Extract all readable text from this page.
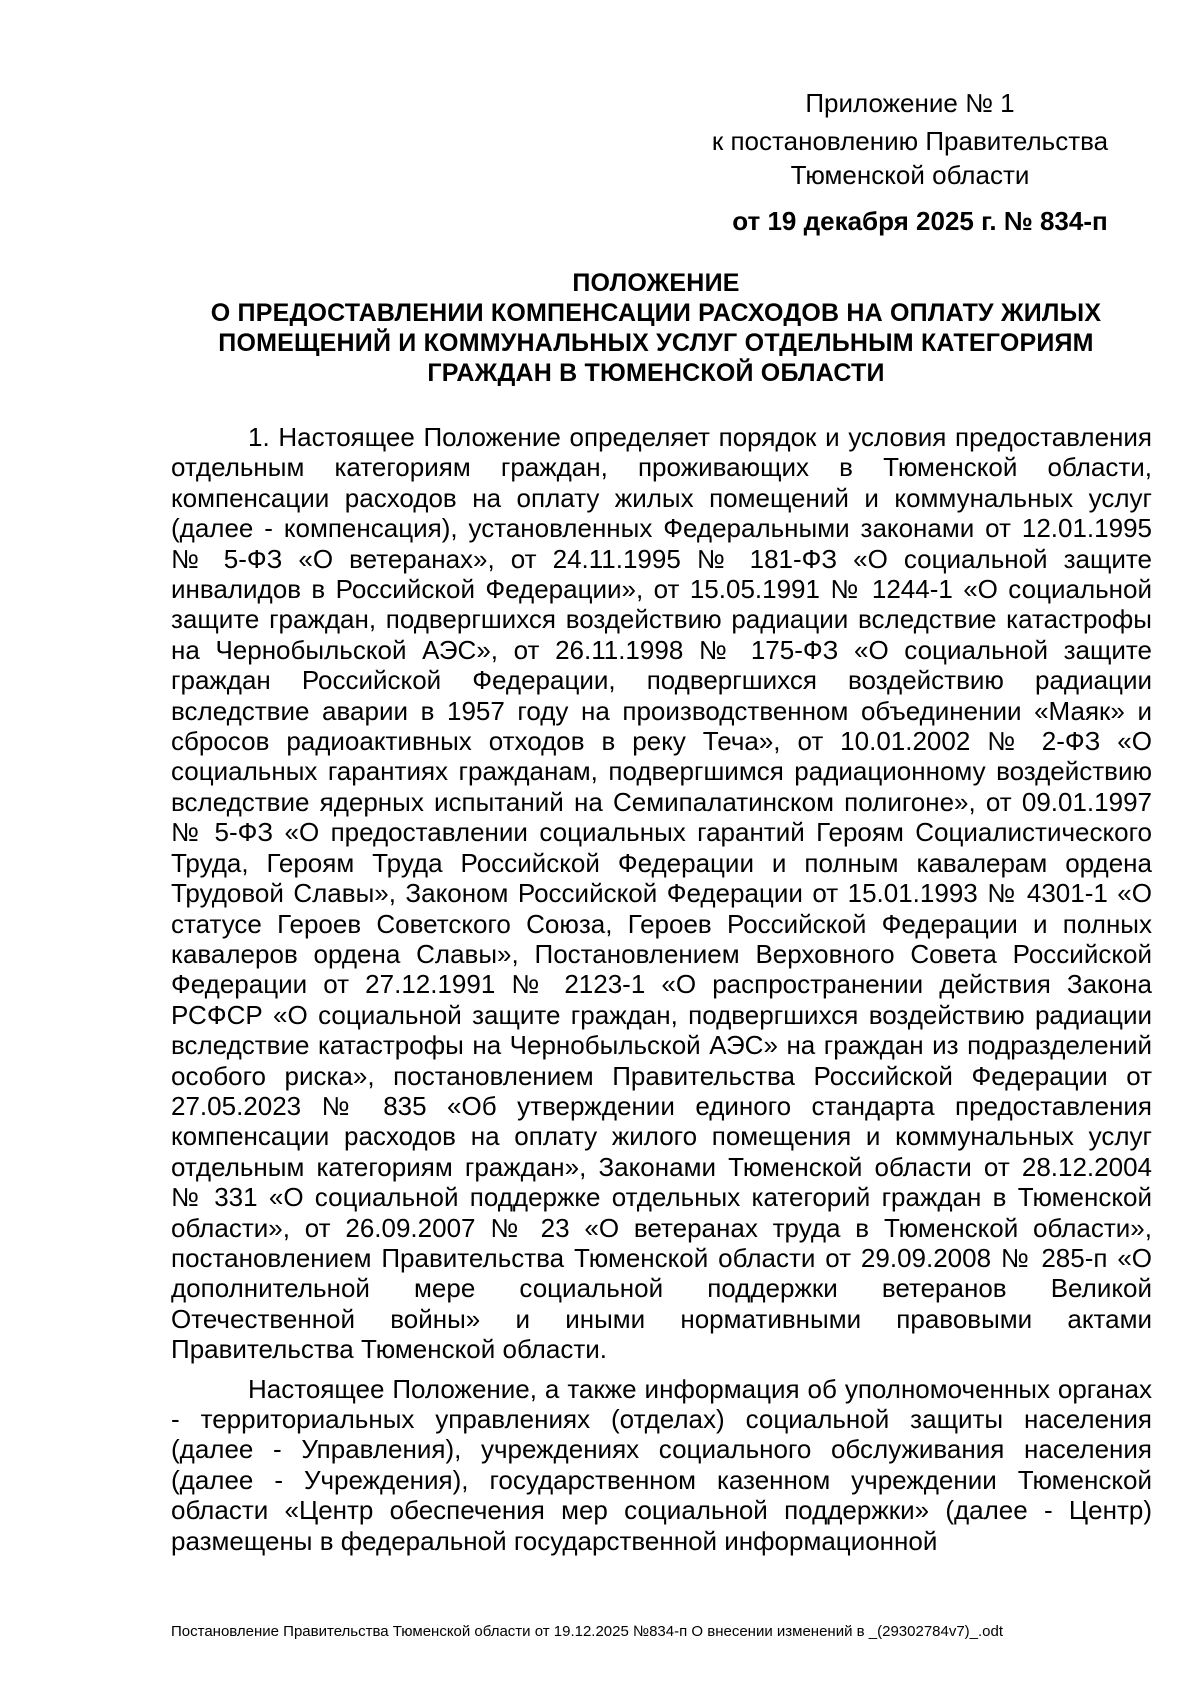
Приложение № 1
к постановлению Правительства
Тюменской области
от 19 декабря 2025 г. № 834-п
ПОЛОЖЕНИЕ
О ПРЕДОСТАВЛЕНИИ КОМПЕНСАЦИИ РАСХОДОВ НА ОПЛАТУ ЖИЛЫХ
ПОМЕЩЕНИЙ И КОММУНАЛЬНЫХ УСЛУГ ОТДЕЛЬНЫМ КАТЕГОРИЯМ
ГРАЖДАН В ТЮМЕНСКОЙ ОБЛАСТИ

1. Настоящее Положение определяет порядок и условия предоставления отдельным категориям граждан, проживающих в Тюменской области, компенсации расходов на оплату жилых помещений и коммунальных услуг (далее - компенсация), установленных Федеральными законами от 12.01.1995 № 5-ФЗ «О ветеранах», от 24.11.1995 № 181-ФЗ «О социальной защите инвалидов в Российской Федерации», от 15.05.1991 № 1244-1 «О социальной защите граждан, подвергшихся воздействию радиации вследствие катастрофы на Чернобыльской АЭС», от 26.11.1998 № 175-ФЗ «О социальной защите граждан Российской Федерации, подвергшихся воздействию радиации вследствие аварии в 1957 году на производственном объединении «Маяк» и сбросов радиоактивных отходов в реку Теча», от 10.01.2002 № 2-ФЗ «О социальных гарантиях гражданам, подвергшимся радиационному воздействию вследствие ядерных испытаний на Семипалатинском полигоне», от 09.01.1997 № 5-ФЗ «О предоставлении социальных гарантий Героям Социалистического Труда, Героям Труда Российской Федерации и полным кавалерам ордена Трудовой Славы», Законом Российской Федерации от 15.01.1993 № 4301-1 «О статусе Героев Советского Союза, Героев Российской Федерации и полных кавалеров ордена Славы», Постановлением Верховного Совета Российской Федерации от 27.12.1991 № 2123-1 «О распространении действия Закона РСФСР «О социальной защите граждан, подвергшихся воздействию радиации вследствие катастрофы на Чернобыльской АЭС» на граждан из подразделений особого риска», постановлением Правительства Российской Федерации от 27.05.2023 № 835 «Об утверждении единого стандарта предоставления компенсации расходов на оплату жилого помещения и коммунальных услуг отдельным категориям граждан», Законами Тюменской области от 28.12.2004 № 331 «О социальной поддержке отдельных категорий граждан в Тюменской области», от 26.09.2007 № 23 «О ветеранах труда в Тюменской области», постановлением Правительства Тюменской области от 29.09.2008 № 285-п «О дополнительной мере социальной поддержки ветеранов Великой Отечественной войны» и иными нормативными правовыми актами Правительства Тюменской области.

Настоящее Положение, а также информация об уполномоченных органах - территориальных управлениях (отделах) социальной защиты населения (далее - Управления), учреждениях социального обслуживания населения (далее - Учреждения), государственном казенном учреждении Тюменской области «Центр обеспечения мер социальной поддержки» (далее - Центр) размещены в федеральной государственной информационной

Постановление Правительства Тюменской области от 19.12.2025 №834-п О внесении изменений в _(29302784v7)_.odt
